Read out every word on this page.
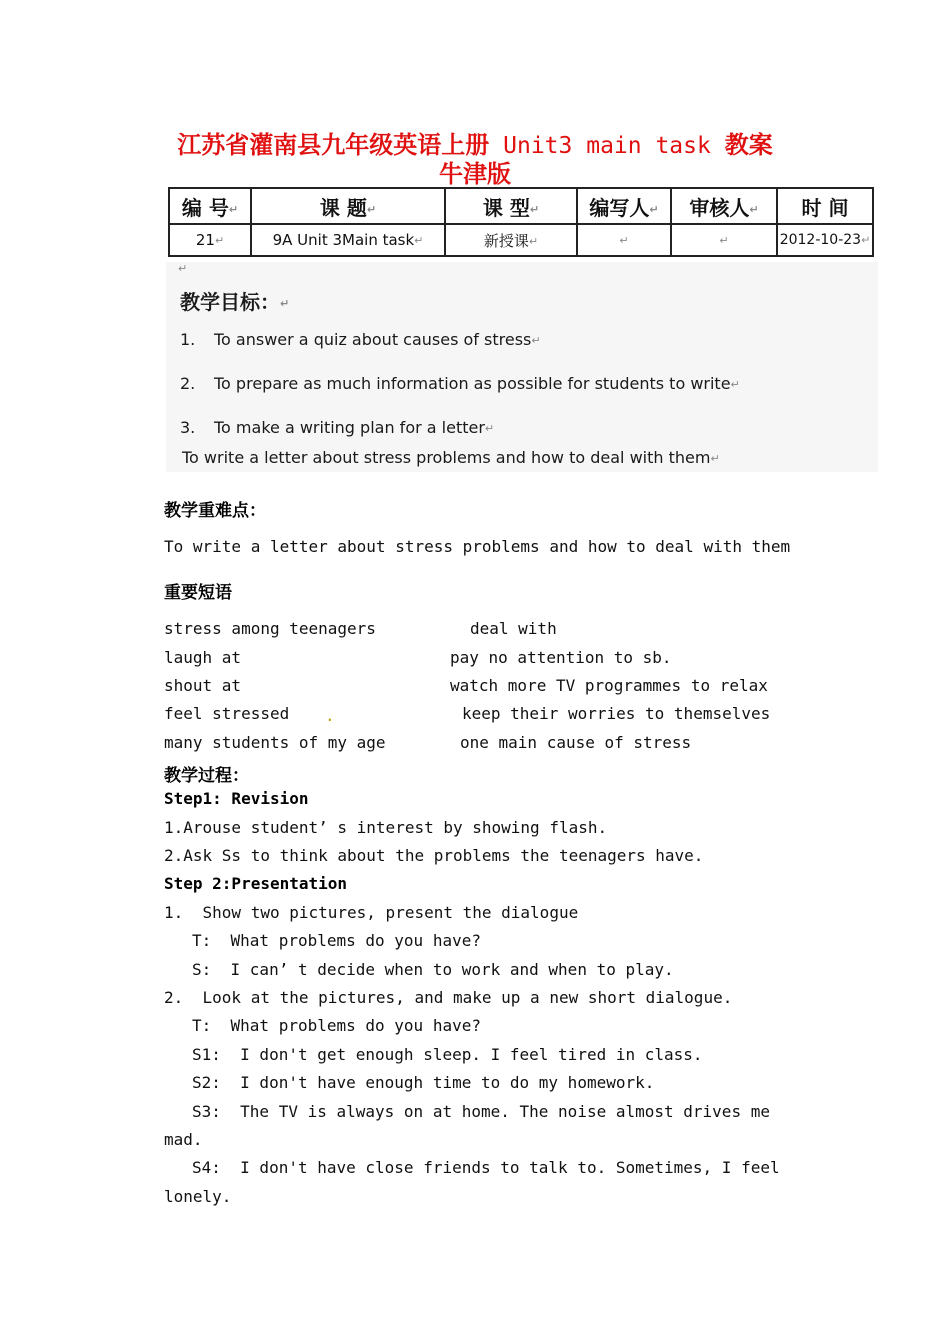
江苏省灌南县九年级英语上册 Unit3 main task 教案
牛津版
编 号↵	课 题↵	课 型↵	编写人↵	审核人↵	时 间
21↵	9A Unit 3Main task↵	新授课↵	↵	↵	2012-10-23↵
↵
教学目标：↵
1. To answer a quiz about causes of stress↵
2. To prepare as much information as possible for students to write↵
3. To make a writing plan for a letter↵
To write a letter about stress problems and how to deal with them↵
教学重难点：
To write a letter about stress problems and how to deal with them
重要短语
stress among teenagers	deal with
laugh at	pay no attention to sb.
shout at	watch more TV programmes to relax
feel stressed .	keep their worries to themselves
many students of my age	one main cause of stress
教学过程：
Step1: Revision
1.Arouse student’ s interest by showing flash.
2.Ask Ss to think about the problems the teenagers have.
Step 2:Presentation
1.  Show two pictures, present the dialogue
T:  What problems do you have?
S:  I can’ t decide when to work and when to play.
2.  Look at the pictures, and make up a new short dialogue.
T:  What problems do you have?
S1:  I don't get enough sleep. I feel tired in class.
S2:  I don't have enough time to do my homework.
S3:  The TV is always on at home. The noise almost drives me
mad.
S4:  I don't have close friends to talk to. Sometimes, I feel
lonely.
